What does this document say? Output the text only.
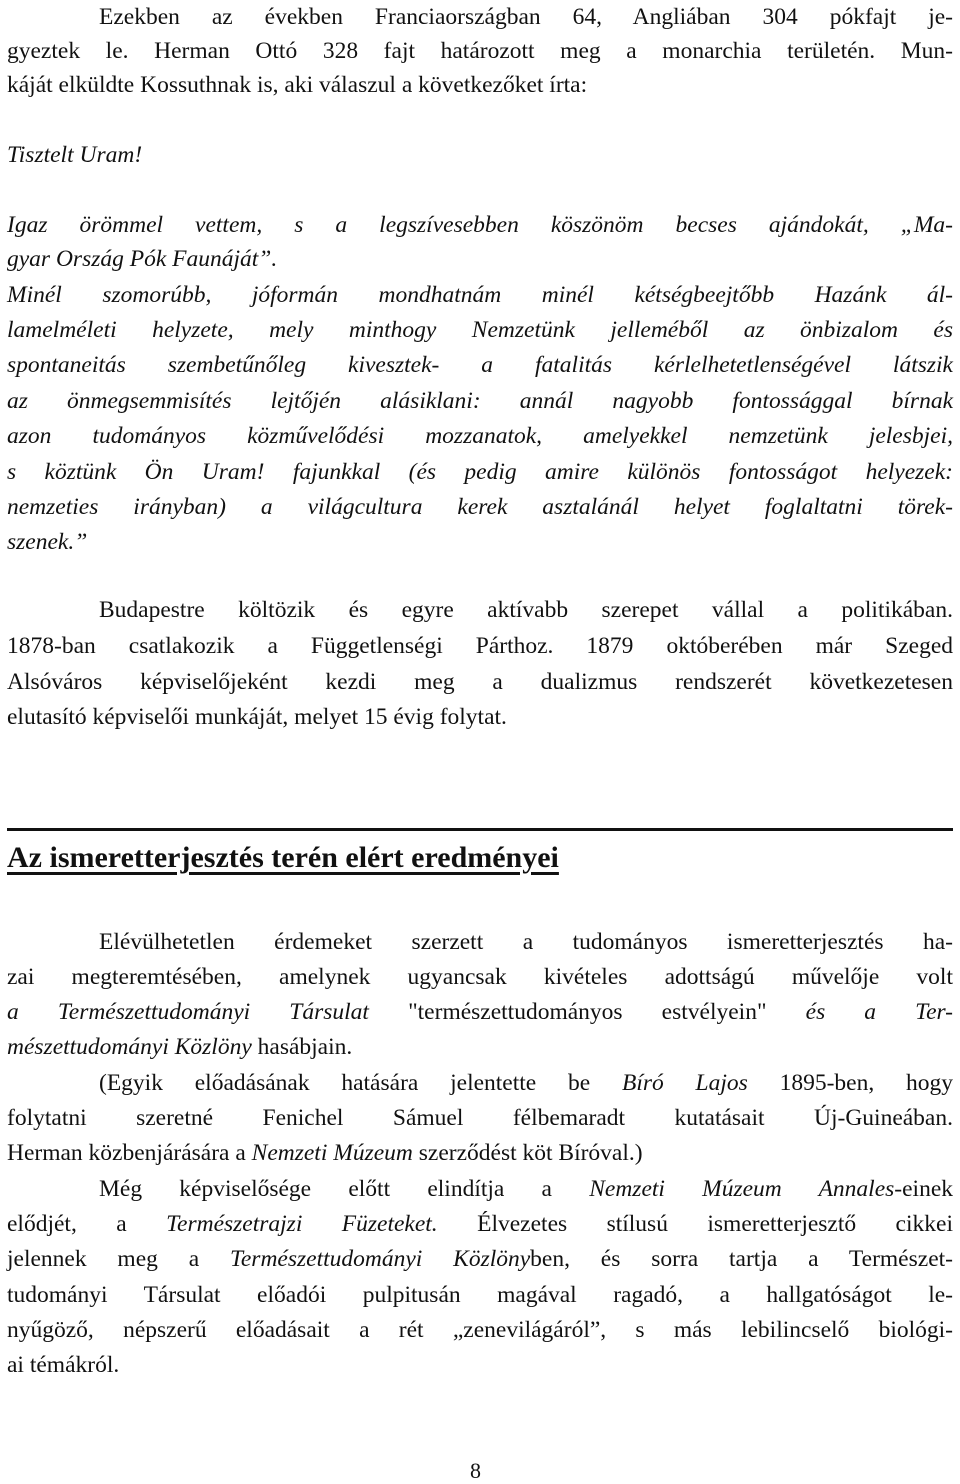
Ezekben az években Franciaországban 64, Angliában 304 pókfajt je-
gyeztek le. Herman Ottó 328 fajt határozott meg a monarchia területén. Mun-
káját elküldte Kossuthnak is, aki válaszul a következőket írta:
Tisztelt Uram!
Igaz örömmel vettem, s a legszívesebben köszönöm becses ajándokát, „Ma-
gyar Ország Pók Faunáját”.
Minél szomorúbb, jóformán mondhatnám minél kétségbeejtőbb Hazánk ál-
lamelméleti helyzete, mely minthogy Nemzetünk jelleméből az önbizalom és
spontaneitás szembetűnőleg kivesztek- a fatalitás kérlelhetetlenségével látszik
az önmegsemmisítés lejtőjén alásiklani: annál nagyobb fontossággal bírnak
azon tudományos közművelődési mozzanatok, amelyekkel nemzetünk jelesbjei,
s köztünk Ön Uram! fajunkkal (és pedig amire különös fontosságot helyezek:
nemzeties irányban) a világcultura kerek asztalánál helyet foglaltatni törek-
szenek.”
Budapestre költözik és egyre aktívabb szerepet vállal a politikában.
1878-ban csatlakozik a Függetlenségi Párthoz. 1879 októberében már Szeged
Alsóváros képviselőjeként kezdi meg a dualizmus rendszerét következetesen
elutasító képviselői munkáját, melyet 15 évig folytat.
Az ismeretterjesztés terén elért eredményei
Elévülhetetlen érdemeket szerzett a tudományos ismeretterjesztés ha-
zai megteremtésében, amelynek ugyancsak kivételes adottságú művelője volt
a Természettudományi Társulat "természettudományos estvélyein" és a Ter-
mészettudományi Közlöny hasábjain.
(Egyik előadásának hatására jelentette be Bíró Lajos 1895-ben, hogy
folytatni szeretné Fenichel Sámuel félbemaradt kutatásait Új-Guineában.
Herman közbenjárására a Nemzeti Múzeum szerződést köt Bíróval.)
Még képviselősége előtt elindítja a Nemzeti Múzeum Annales-einek
elődjét, a Természetrajzi Füzeteket. Élvezetes stílusú ismeretterjesztő cikkei
jelennek meg a Természettudományi Közlönyben, és sorra tartja a Természet-
tudományi Társulat előadói pulpitusán magával ragadó, a hallgatóságot le-
nyűgöző, népszerű előadásait a rét „zenevilágáról”, s más lebilincselő biológi-
ai témákról.
8
